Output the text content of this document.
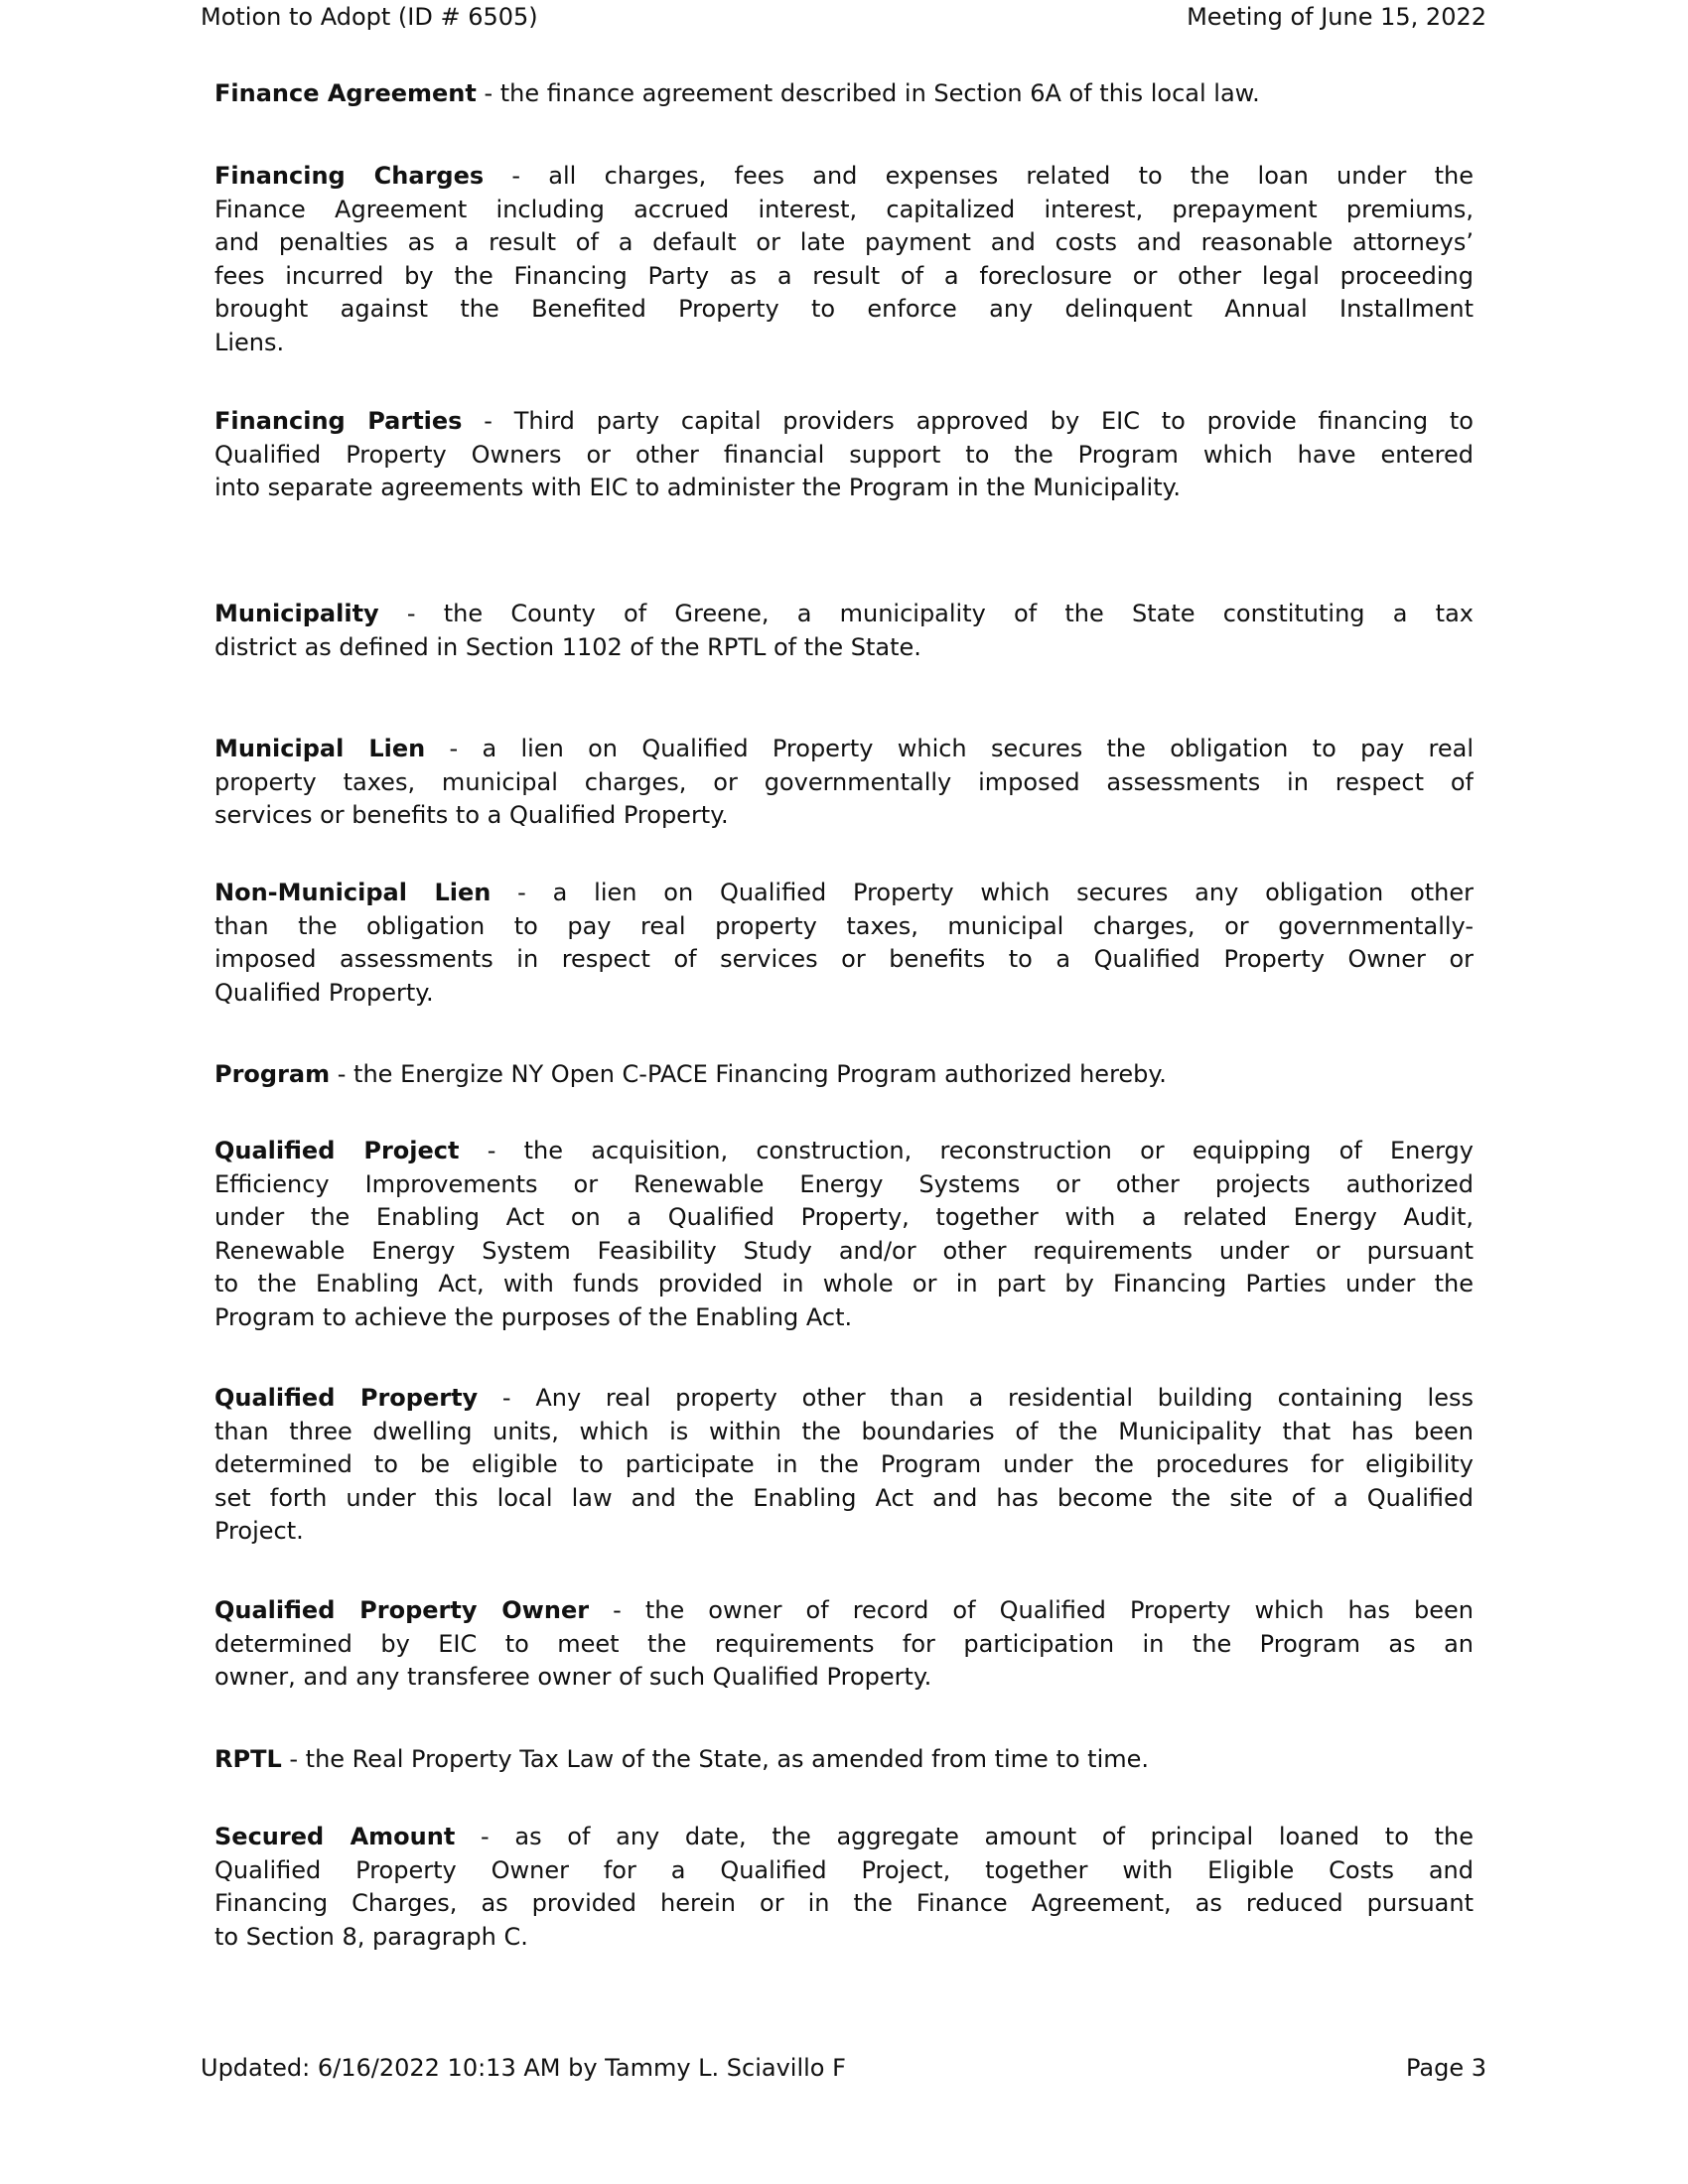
Motion to Adopt (ID # 6505)	Meeting of June 15, 2022
Finance Agreement - the finance agreement described in Section 6A of this local law.
Financing Charges - all charges, fees and expenses related to the loan under the
Finance Agreement including accrued interest, capitalized interest, prepayment premiums,
and penalties as a result of a default or late payment and costs and reasonable attorneys’
fees incurred by the Financing Party as a result of a foreclosure or other legal proceeding
brought against the Benefited Property to enforce any delinquent Annual Installment
Liens.
Financing Parties - Third party capital providers approved by EIC to provide financing to
Qualified Property Owners or other financial support to the Program which have entered
into separate agreements with EIC to administer the Program in the Municipality.
Municipality - the County of Greene, a municipality of the State constituting a tax
district as defined in Section 1102 of the RPTL of the State.
Municipal Lien - a lien on Qualified Property which secures the obligation to pay real
property taxes, municipal charges, or governmentally imposed assessments in respect of
services or benefits to a Qualified Property.
Non-Municipal Lien - a lien on Qualified Property which secures any obligation other
than the obligation to pay real property taxes, municipal charges, or governmentally-
imposed assessments in respect of services or benefits to a Qualified Property Owner or
Qualified Property.
Program - the Energize NY Open C-PACE Financing Program authorized hereby.
Qualified Project - the acquisition, construction, reconstruction or equipping of Energy
Efficiency Improvements or Renewable Energy Systems or other projects authorized
under the Enabling Act on a Qualified Property, together with a related Energy Audit,
Renewable Energy System Feasibility Study and/or other requirements under or pursuant
to the Enabling Act, with funds provided in whole or in part by Financing Parties under the
Program to achieve the purposes of the Enabling Act.
Qualified Property - Any real property other than a residential building containing less
than three dwelling units, which is within the boundaries of the Municipality that has been
determined to be eligible to participate in the Program under the procedures for eligibility
set forth under this local law and the Enabling Act and has become the site of a Qualified
Project.
Qualified Property Owner - the owner of record of Qualified Property which has been
determined by EIC to meet the requirements for participation in the Program as an
owner, and any transferee owner of such Qualified Property.
RPTL - the Real Property Tax Law of the State, as amended from time to time.
Secured Amount - as of any date, the aggregate amount of principal loaned to the
Qualified Property Owner for a Qualified Project, together with Eligible Costs and
Financing Charges, as provided herein or in the Finance Agreement, as reduced pursuant
to Section 8, paragraph C.
Updated: 6/16/2022 10:13 AM by Tammy L. Sciavillo F	Page 3
